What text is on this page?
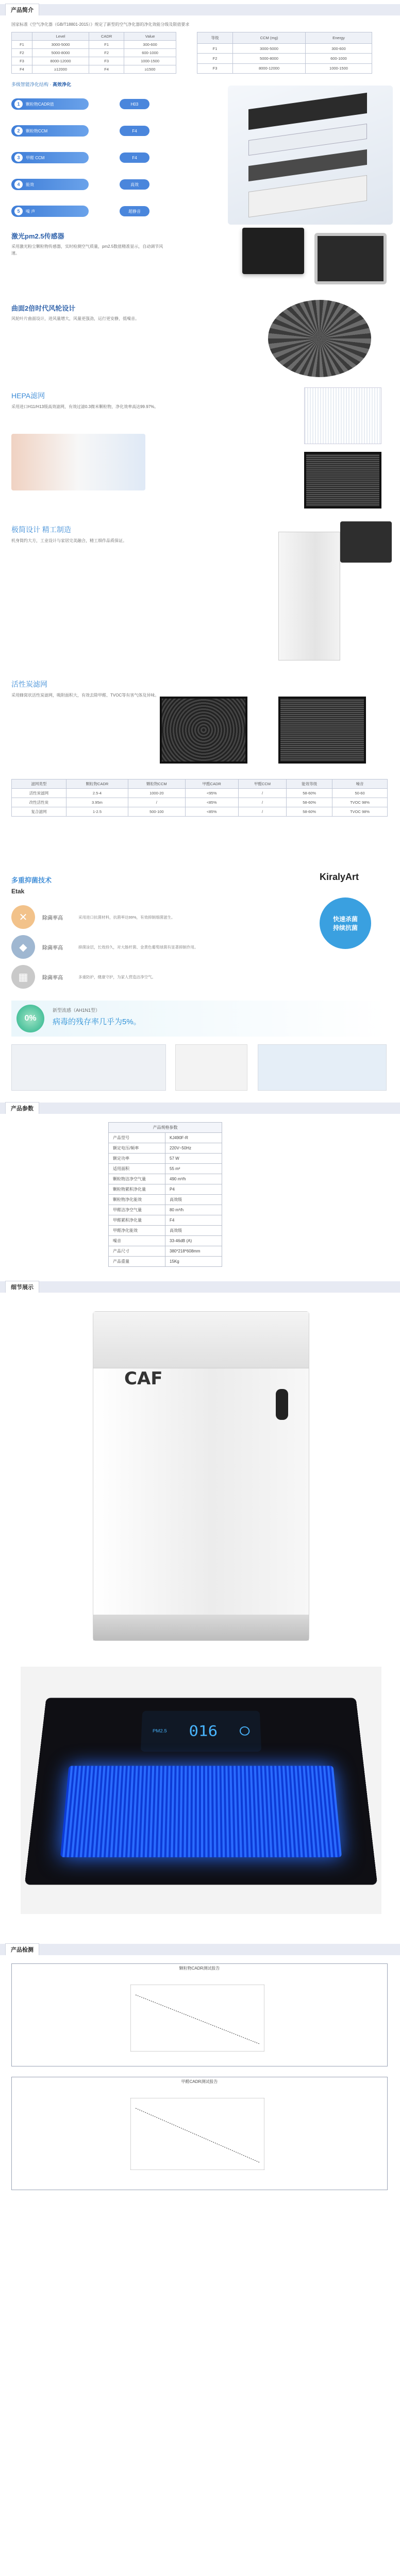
产品简介
国家标准《空气净化器（GB/T18801-2015）》规定了新型的空气净化器的净化效能分级及限值要求
	Level	CADR	Value
F1	3000-5000	F1	300-600
F2	5000-8000	F2	600-1000
F3	8000-12000	F3	1000-1500
F4	≥12000	F4	≥1500
等级	CCM (mg)	Energy
F1	3000-5000	300-600
F2	5000-8000	600-1000
F3	8000-12000	1000-1500
多级智能净化结构 · 高效净化
1	颗粒物CADR值	H03
2	颗粒物CCM	F4
3	甲醛 CCM	F4
4	能效	高效
5	噪 声	超静音
激光pm2.5传感器
采用激光粉尘颗粒物传感器，实时检测空气质量，pm2.5数值精准显示，自动调节风速。
曲面2倍时代风轮设计
风轮叶片曲面设计，进风量增大，风量更强劲，运行更安静，低噪音。
HEPA滤网
采用进口H11/H13级高效滤网，有效过滤0.3微米颗粒物，净化效率高达99.97%。
极简设计 精工制造
机身简约大方，工业设计与家居完美融合，精工细作品质保证。
活性炭滤网
采用蜂窝状活性炭滤网，吸附面积大，有效去除甲醛、TVOC等有害气体及异味。
滤网类型	颗粒物CADR	颗粒物CCM	甲醛CADR	甲醛CCM	能效等级	噪音
活性炭滤网	2.5-4	1000-20	<95%	/	58-60%	50-60
改性活性炭	3.95m	/	<85%	/	58-60%	TVOC 98%
复合滤网	1-2.5	500-100	<85%	/	58-60%	TVOC 98%
多重抑菌技术
Etak
KiralyArt
✕	除菌率高	采用进口抗菌材料，抗菌率达99%，有效抑制细菌滋生。
◆	除菌率高	抑菌涂层，长效持久，对大肠杆菌、金黄色葡萄球菌有显著抑制作用。
▦	除菌率高	多重防护，健康守护，为家人营造洁净空气。
快速杀菌
持续抗菌
0%
新型流感（AH1N1型）
病毒的残存率几乎为5%。
产品参数
产品规格参数	
产品型号	KJ490F-R
额定电压/频率	220V~50Hz
额定功率	57 W
适用面积	55 m²
颗粒物洁净空气量	490 m³/h
颗粒物累积净化量	P4
颗粒物净化能效	高效级
甲醛洁净空气量	80 m³/h
甲醛累积净化量	F4
甲醛净化能效	高效级
噪音	33-46dB (A)
产品尺寸	380*218*608mm
产品重量	15Kg
细节展示
CAF
PM2.5 016
产品检测
颗粒物CADR测试报告
甲醛CADR测试报告
